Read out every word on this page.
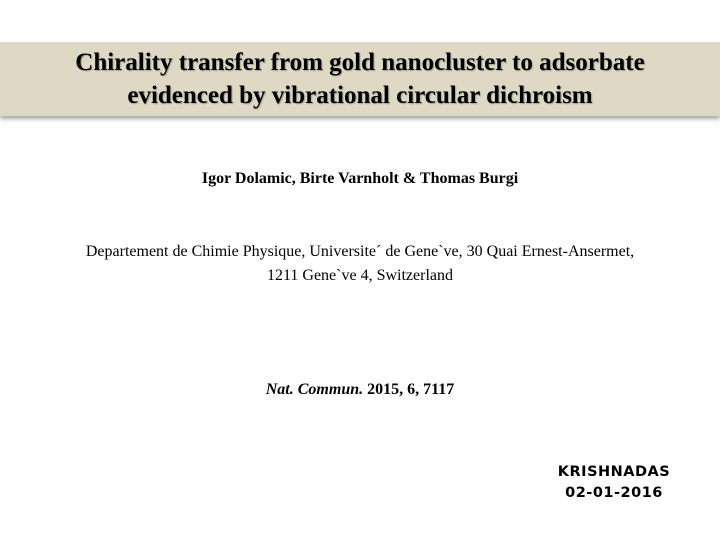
Chirality transfer from gold nanocluster to adsorbate
evidenced by vibrational circular dichroism
Igor Dolamic, Birte Varnholt & Thomas Burgi
Departement de Chimie Physique, Universite´ de Gene`ve, 30 Quai Ernest-Ansermet,
1211 Gene`ve 4, Switzerland
Nat. Commun. 2015, 6, 7117
KRISHNADAS
02-01-2016
